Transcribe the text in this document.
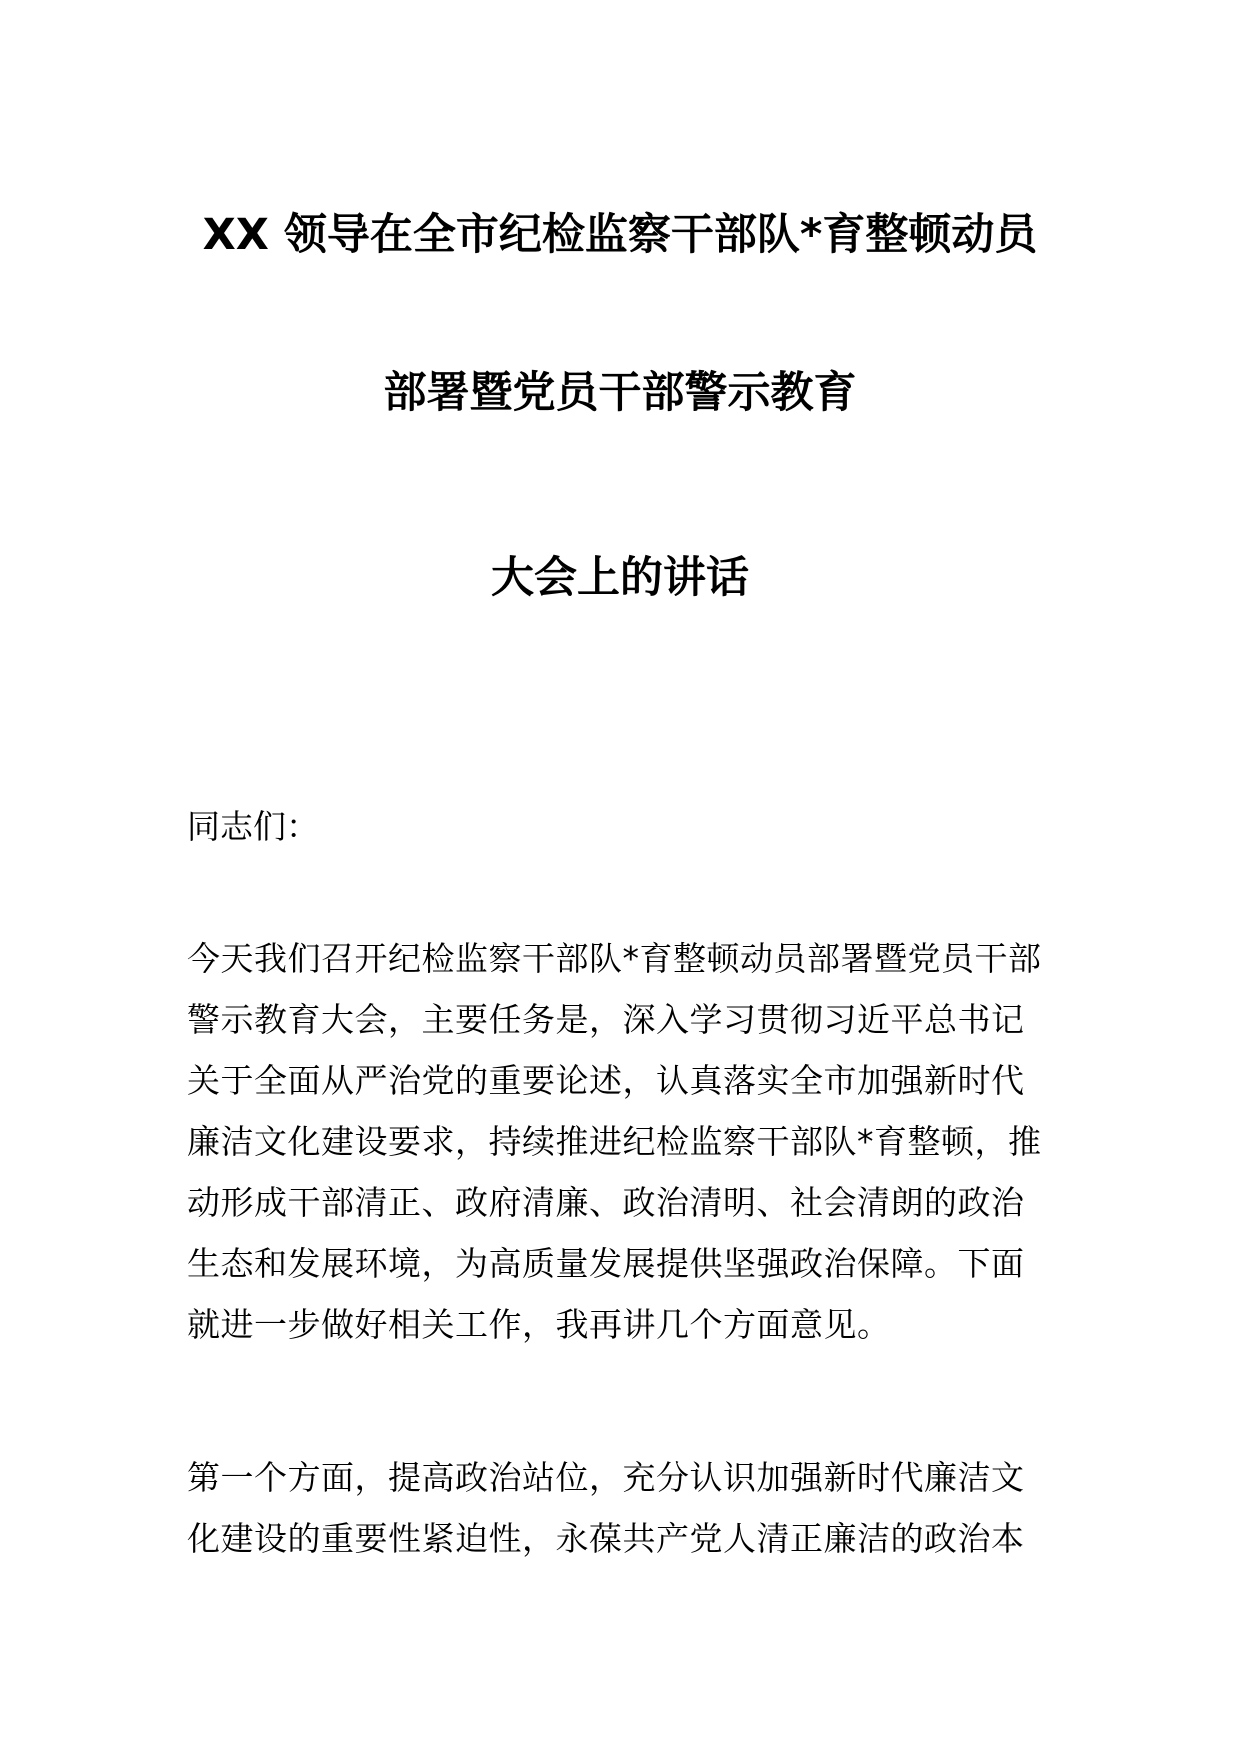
XX 领导在全市纪检监察干部队*育整顿动员
部署暨党员干部警示教育
大会上的讲话
同志们：
今天我们召开纪检监察干部队*育整顿动员部署暨党员干部
警示教育大会，主要任务是，深入学习贯彻习近平总书记
关于全面从严治党的重要论述，认真落实全市加强新时代
廉洁文化建设要求，持续推进纪检监察干部队*育整顿，推
动形成干部清正、政府清廉、政治清明、社会清朗的政治
生态和发展环境，为高质量发展提供坚强政治保障。下面
就进一步做好相关工作，我再讲几个方面意见。
第一个方面，提高政治站位，充分认识加强新时代廉洁文
化建设的重要性紧迫性，永葆共产党人清正廉洁的政治本
